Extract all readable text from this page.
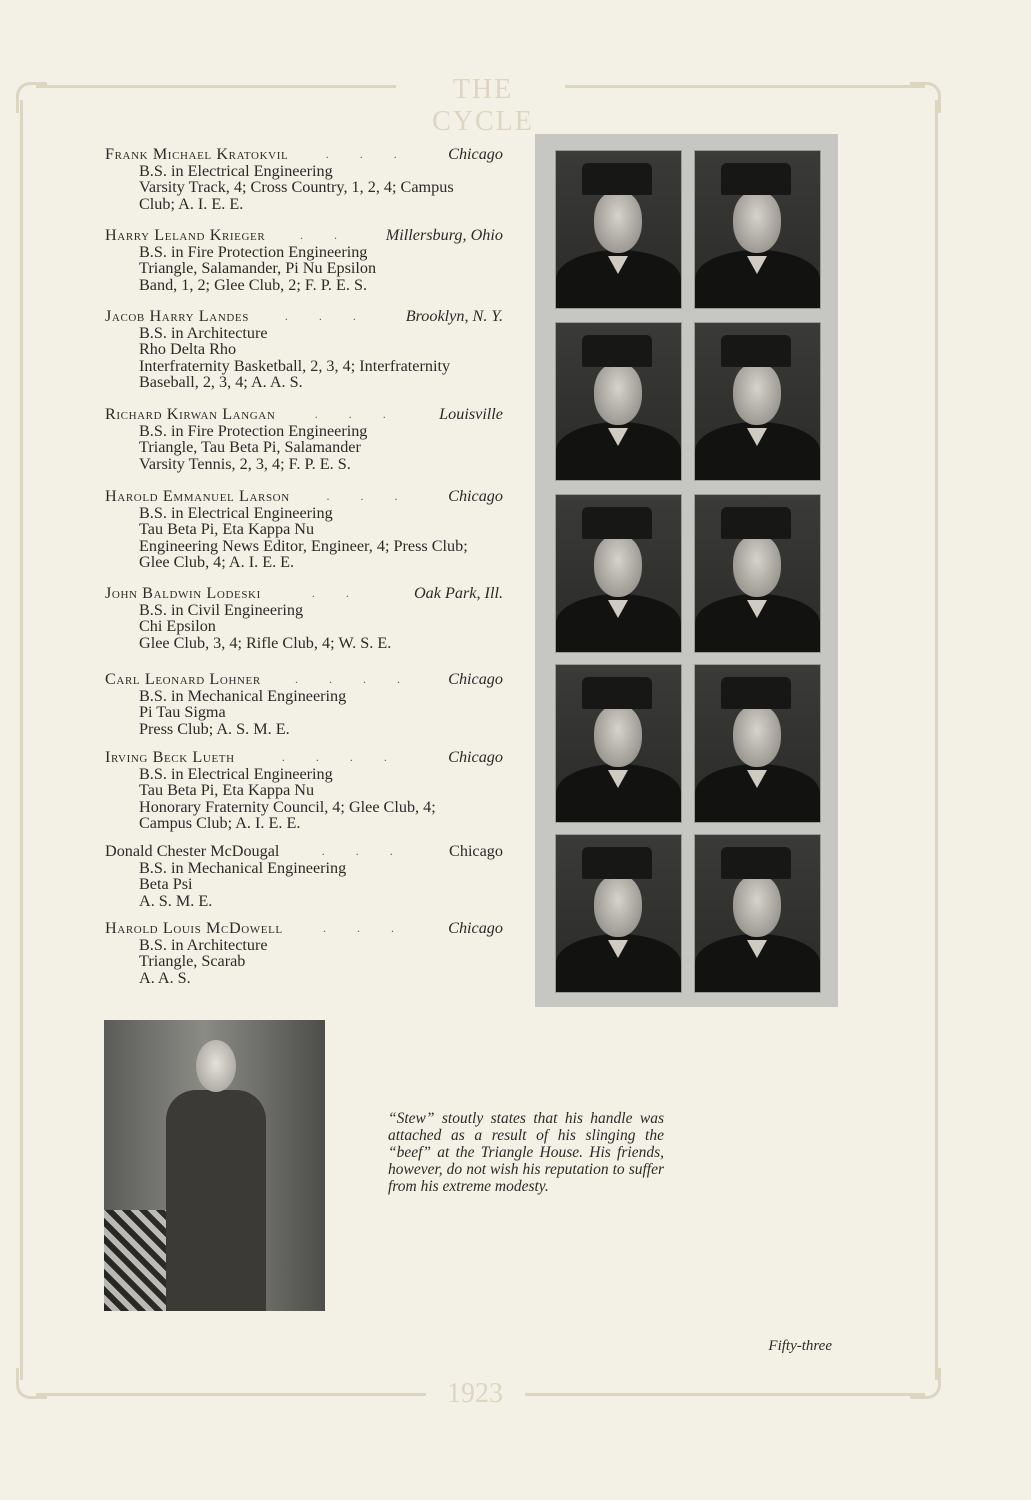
THE CYCLE
1923
Frank Michael Kratokvil	. . .	Chicago
B.S. in Electrical Engineering
Varsity Track, 4; Cross Country, 1, 2, 4; Campus
Club; A. I. E. E.
Harry Leland Krieger	. .	Millersburg, Ohio
B.S. in Fire Protection Engineering
Triangle, Salamander, Pi Nu Epsilon
Band, 1, 2; Glee Club, 2; F. P. E. S.
Jacob Harry Landes	. . .	Brooklyn, N. Y.
B.S. in Architecture
Rho Delta Rho
Interfraternity Basketball, 2, 3, 4; Interfraternity
Baseball, 2, 3, 4; A. A. S.
Richard Kirwan Langan	. . .	Louisville
B.S. in Fire Protection Engineering
Triangle, Tau Beta Pi, Salamander
Varsity Tennis, 2, 3, 4; F. P. E. S.
Harold Emmanuel Larson	. . .	Chicago
B.S. in Electrical Engineering
Tau Beta Pi, Eta Kappa Nu
Engineering News Editor, Engineer, 4; Press Club;
Glee Club, 4; A. I. E. E.
John Baldwin Lodeski	. .	Oak Park, Ill.
B.S. in Civil Engineering
Chi Epsilon
Glee Club, 3, 4; Rifle Club, 4; W. S. E.
Carl Leonard Lohner	. . . .	Chicago
B.S. in Mechanical Engineering
Pi Tau Sigma
Press Club; A. S. M. E.
Irving Beck Lueth	. . . .	Chicago
B.S. in Electrical Engineering
Tau Beta Pi, Eta Kappa Nu
Honorary Fraternity Council, 4; Glee Club, 4;
Campus Club; A. I. E. E.
Donald Chester McDougal	. . .	Chicago
B.S. in Mechanical Engineering
Beta Psi
A. S. M. E.
Harold Louis McDowell	. . .	Chicago
B.S. in Architecture
Triangle, Scarab
A. A. S.
“Stew” stoutly states that his handle was attached as a result of his slinging the “beef” at the Triangle House. His friends, however, do not wish his reputation to suffer from his extreme modesty.
Fifty-three
